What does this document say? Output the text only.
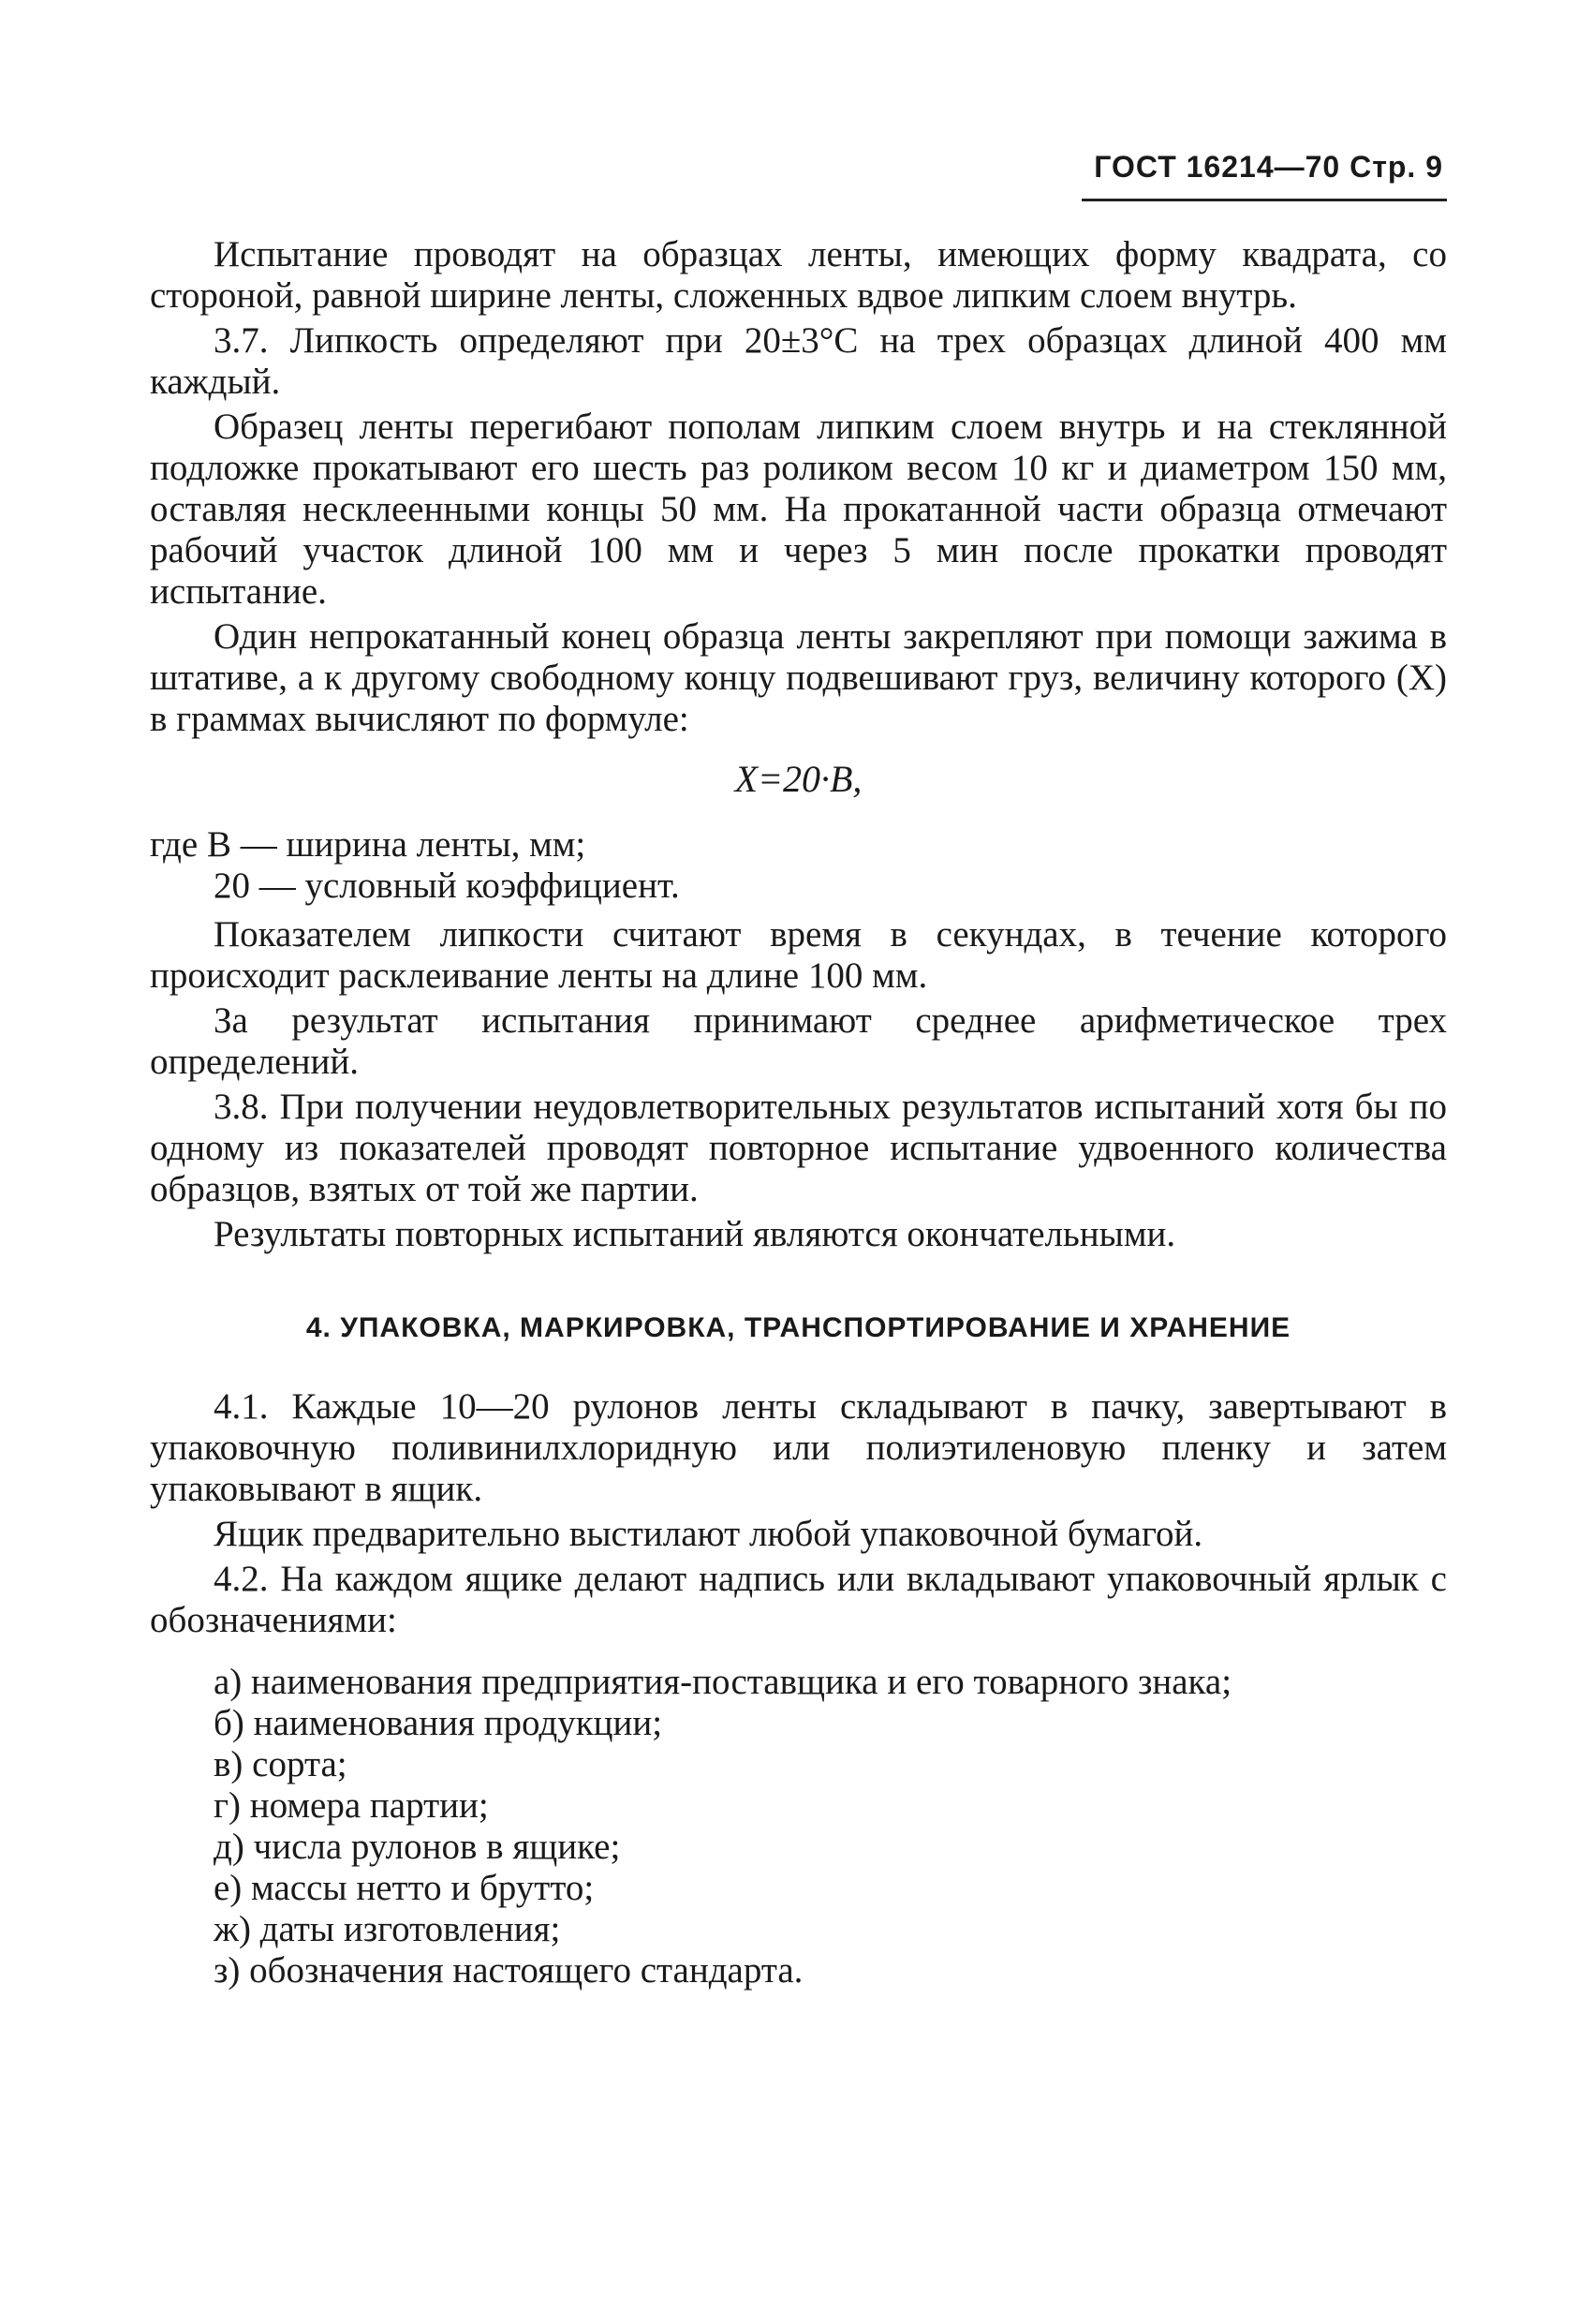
ГОСТ 16214—70 Стр. 9

Испытание проводят на образцах ленты, имеющих форму квадрата, со стороной, равной ширине ленты, сложенных вдвое липким слоем внутрь.

3.7. Липкость определяют при 20±3°С на трех образцах длиной 400 мм каждый.

Образец ленты перегибают пополам липким слоем внутрь и на стеклянной подложке прокатывают его шесть раз роликом весом 10 кг и диаметром 150 мм, оставляя несклеенными концы 50 мм. На прокатанной части образца отмечают рабочий участок длиной 100 мм и через 5 мин после прокатки проводят испытание.

Один непрокатанный конец образца ленты закрепляют при помощи зажима в штативе, а к другому свободному концу подвешивают груз, величину которого (X) в граммах вычисляют по формуле:

X=20·B,
где B — ширина ленты, мм;
20 — условный коэффициент.

Показателем липкости считают время в секундах, в течение которого происходит расклеивание ленты на длине 100 мм.

За результат испытания принимают среднее арифметическое трех определений.

3.8. При получении неудовлетворительных результатов испытаний хотя бы по одному из показателей проводят повторное испытание удвоенного количества образцов, взятых от той же партии.

Результаты повторных испытаний являются окончательными.

4. УПАКОВКА, МАРКИРОВКА, ТРАНСПОРТИРОВАНИЕ И ХРАНЕНИЕ

4.1. Каждые 10—20 рулонов ленты складывают в пачку, завертывают в упаковочную поливинилхлоридную или полиэтиленовую пленку и затем упаковывают в ящик.

Ящик предварительно выстилают любой упаковочной бумагой.

4.2. На каждом ящике делают надпись или вкладывают упаковочный ярлык с обозначениями:

а) наименования предприятия-поставщика и его товарного знака;
б) наименования продукции;
в) сорта;
г) номера партии;
д) числа рулонов в ящике;
е) массы нетто и брутто;
ж) даты изготовления;
з) обозначения настоящего стандарта.
